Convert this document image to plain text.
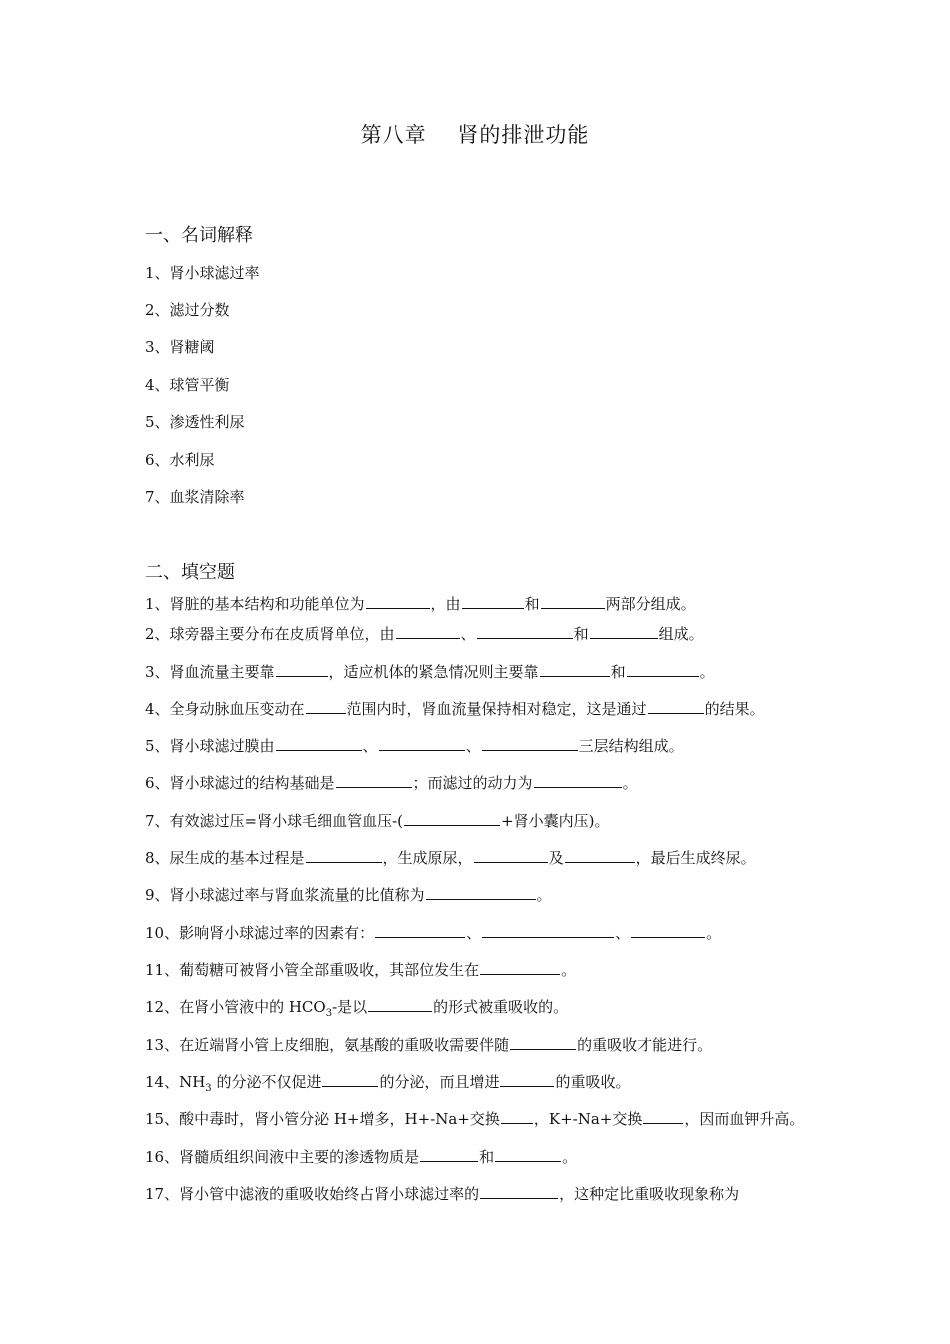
第八章    肾的排泄功能
一、名词解释
1、肾小球滤过率
2、滤过分数
3、肾糖阈
4、球管平衡
5、渗透性利尿
6、水利尿
7、血浆清除率
二、填空题
1、肾脏的基本结构和功能单位为	，由	和	两部分组成。
2、球旁器主要分布在皮质肾单位，由	、	和	组成。
3、肾血流量主要靠	，适应机体的紧急情况则主要靠	和	。
4、全身动脉血压变动在	范围内时，肾血流量保持相对稳定，这是通过	的结果。
5、肾小球滤过膜由	、	、	三层结构组成。
6、肾小球滤过的结构基础是	；而滤过的动力为	。
7、有效滤过压=肾小球毛细血管血压-(	+肾小囊内压)。
8、尿生成的基本过程是	，生成原尿，	及	，最后生成终尿。
9、肾小球滤过率与肾血浆流量的比值称为	。
10、影响肾小球滤过率的因素有：	、	、	。
11、葡萄糖可被肾小管全部重吸收，其部位发生在	。
12、在肾小管液中的 $HCO_3-$是以	的形式被重吸收的。
13、在近端肾小管上皮细胞，氨基酸的重吸收需要伴随	的重吸收才能进行。
14、$NH_3$ 的分泌不仅促进	的分泌，而且增进	的重吸收。
15、酸中毒时，肾小管分泌 H+增多，H+-Na+交换 ，K+-Na+交换	，因而血钾升高。
16、肾髓质组织间液中主要的渗透物质是	和	。
17、肾小管中滤液的重吸收始终占肾小球滤过率的	，这种定比重吸收现象称为
